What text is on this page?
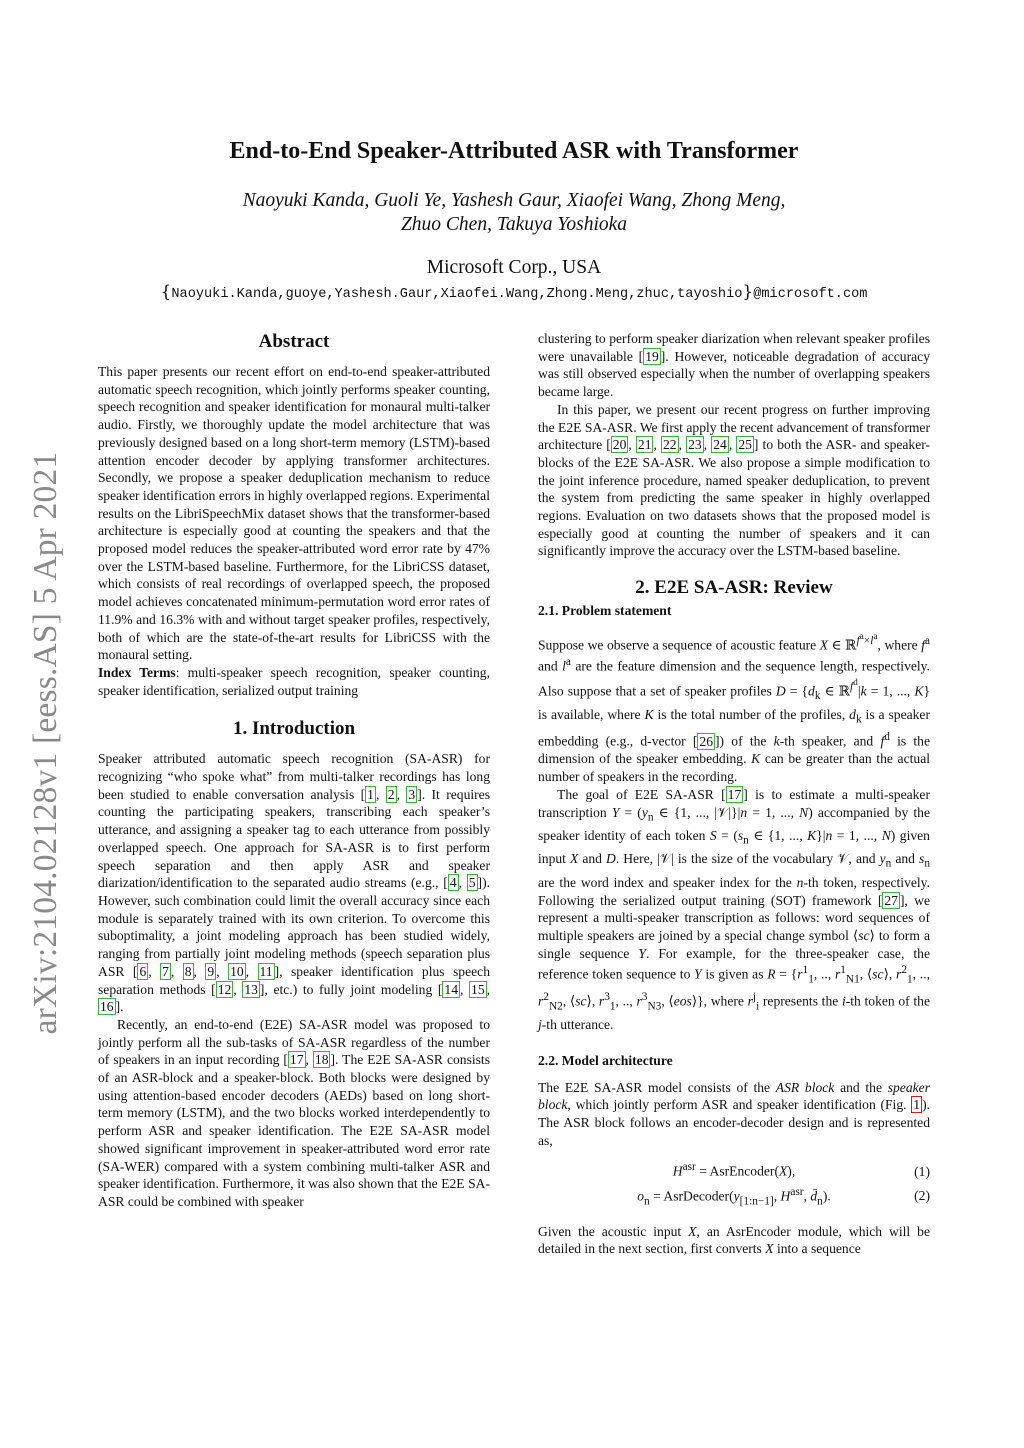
arXiv:2104.02128v1 [eess.AS] 5 Apr 2021
End-to-End Speaker-Attributed ASR with Transformer
Naoyuki Kanda, Guoli Ye, Yashesh Gaur, Xiaofei Wang, Zhong Meng,
Zhuo Chen, Takuya Yoshioka
Microsoft Corp., USA
{Naoyuki.Kanda,guoye,Yashesh.Gaur,Xiaofei.Wang,Zhong.Meng,zhuc,tayoshio}@microsoft.com
Abstract

This paper presents our recent effort on end-to-end speaker-attributed automatic speech recognition, which jointly performs speaker counting, speech recognition and speaker identification for monaural multi-talker audio. Firstly, we thoroughly update the model architecture that was previously designed based on a long short-term memory (LSTM)-based attention encoder decoder by applying transformer architectures. Secondly, we propose a speaker deduplication mechanism to reduce speaker identification errors in highly overlapped regions. Experimental results on the LibriSpeechMix dataset shows that the transformer-based architecture is especially good at counting the speakers and that the proposed model reduces the speaker-attributed word error rate by 47% over the LSTM-based baseline. Furthermore, for the LibriCSS dataset, which consists of real recordings of overlapped speech, the proposed model achieves concatenated minimum-permutation word error rates of 11.9% and 16.3% with and without target speaker profiles, respectively, both of which are the state-of-the-art results for LibriCSS with the monaural setting.

Index Terms: multi-speaker speech recognition, speaker counting, speaker identification, serialized output training

1. Introduction

Speaker attributed automatic speech recognition (SA-ASR) for recognizing “who spoke what” from multi-talker recordings has long been studied to enable conversation analysis [ 1 , 2 , 3 ]. It requires counting the participating speakers, transcribing each speaker’s utterance, and assigning a speaker tag to each utterance from possibly overlapped speech. One approach for SA-ASR is to first perform speech separation and then apply ASR and speaker diarization/identification to the separated audio streams (e.g., [ 4 , 5 ]). However, such combination could limit the overall accuracy since each module is separately trained with its own criterion. To overcome this suboptimality, a joint modeling approach has been studied widely, ranging from partially joint modeling methods (speech separation plus ASR [ 6 , 7 , 8 , 9 , 10 , 11 ], speaker identification plus speech separation methods [ 12 , 13 ], etc.) to fully joint modeling [ 14 , 15 , 16 ].

Recently, an end-to-end (E2E) SA-ASR model was proposed to jointly perform all the sub-tasks of SA-ASR regardless of the number of speakers in an input recording [ 17 , 18 ]. The E2E SA-ASR consists of an ASR-block and a speaker-block. Both blocks were designed by using attention-based encoder decoders (AEDs) based on long short-term memory (LSTM), and the two blocks worked interdependently to perform ASR and speaker identification. The E2E SA-ASR model showed significant improvement in speaker-attributed word error rate (SA-WER) compared with a system combining multi-talker ASR and speaker identification. Furthermore, it was also shown that the E2E SA-ASR could be combined with speaker

clustering to perform speaker diarization when relevant speaker profiles were unavailable [ 19 ]. However, noticeable degradation of accuracy was still observed especially when the number of overlapping speakers became large.

In this paper, we present our recent progress on further improving the E2E SA-ASR. We first apply the recent advancement of transformer architecture [ 20 , 21 , 22 , 23 , 24 , 25 ] to both the ASR- and speaker-blocks of the E2E SA-ASR. We also propose a simple modification to the joint inference procedure, named speaker deduplication, to prevent the system from predicting the same speaker in highly overlapped regions. Evaluation on two datasets shows that the proposed model is especially good at counting the number of speakers and it can significantly improve the accuracy over the LSTM-based baseline.

2. E2E SA-ASR: Review
2.1. Problem statement

Suppose we observe a sequence of acoustic feature X ∈ ℝ$^{f^a\times l^a}$, where $f^a$ and $l^a$ are the feature dimension and the sequence length, respectively. Also suppose that a set of speaker profiles $D = \{d_k$ ∈ ℝ$^{f^d}$|k = 1, ..., K} is available, where K is the total number of the profiles, $d_k$ is a speaker embedding (e.g., d-vector [ 26 ]) of the k-th speaker, and $f^d$ is the dimension of the speaker embedding. K can be greater than the actual number of speakers in the recording.

The goal of E2E SA-ASR [ 17 ] is to estimate a multi-speaker transcription $Y = (y_n$ ∈ {1, ..., |𝒱|}|n = 1, ..., N) accompanied by the speaker identity of each token $S = (s_n$ ∈ {1, ..., K}|n = 1, ..., N) given input X and D. Here, |𝒱| is the size of the vocabulary 𝒱, and $y_n$ and $s_n$ are the word index and speaker index for the n-th token, respectively. Following the serialized output training (SOT) framework [ 27 ], we represent a multi-speaker transcription as follows: word sequences of multiple speakers are joined by a special change symbol ⟨sc⟩ to form a single sequence Y. For example, for the three-speaker case, the reference token sequence to Y is given as $R = \{r^1_1$, .., $r^1_{N1}$, ⟨sc⟩, $r^2_1$, .., $r^2_{N2}$, ⟨sc⟩, $r^3_1$, .., $r^3_{N3}$, ⟨eos⟩}, where $r^j_i$ represents the i-th token of the j-th utterance.

2.2. Model architecture

The E2E SA-ASR model consists of the ASR block and the speaker block, which jointly perform ASR and speaker identification (Fig. 1 ). The ASR block follows an encoder-decoder design and is represented as,

$H^{asr}$ = AsrEncoder(X),	(1)
$o_n$ = $AsrDecoder(y_{[1:n-1]}$, $H^{asr}$, $d̄_n$).	(2)

Given the acoustic input X, an AsrEncoder module, which will be detailed in the next section, first converts X into a sequence
